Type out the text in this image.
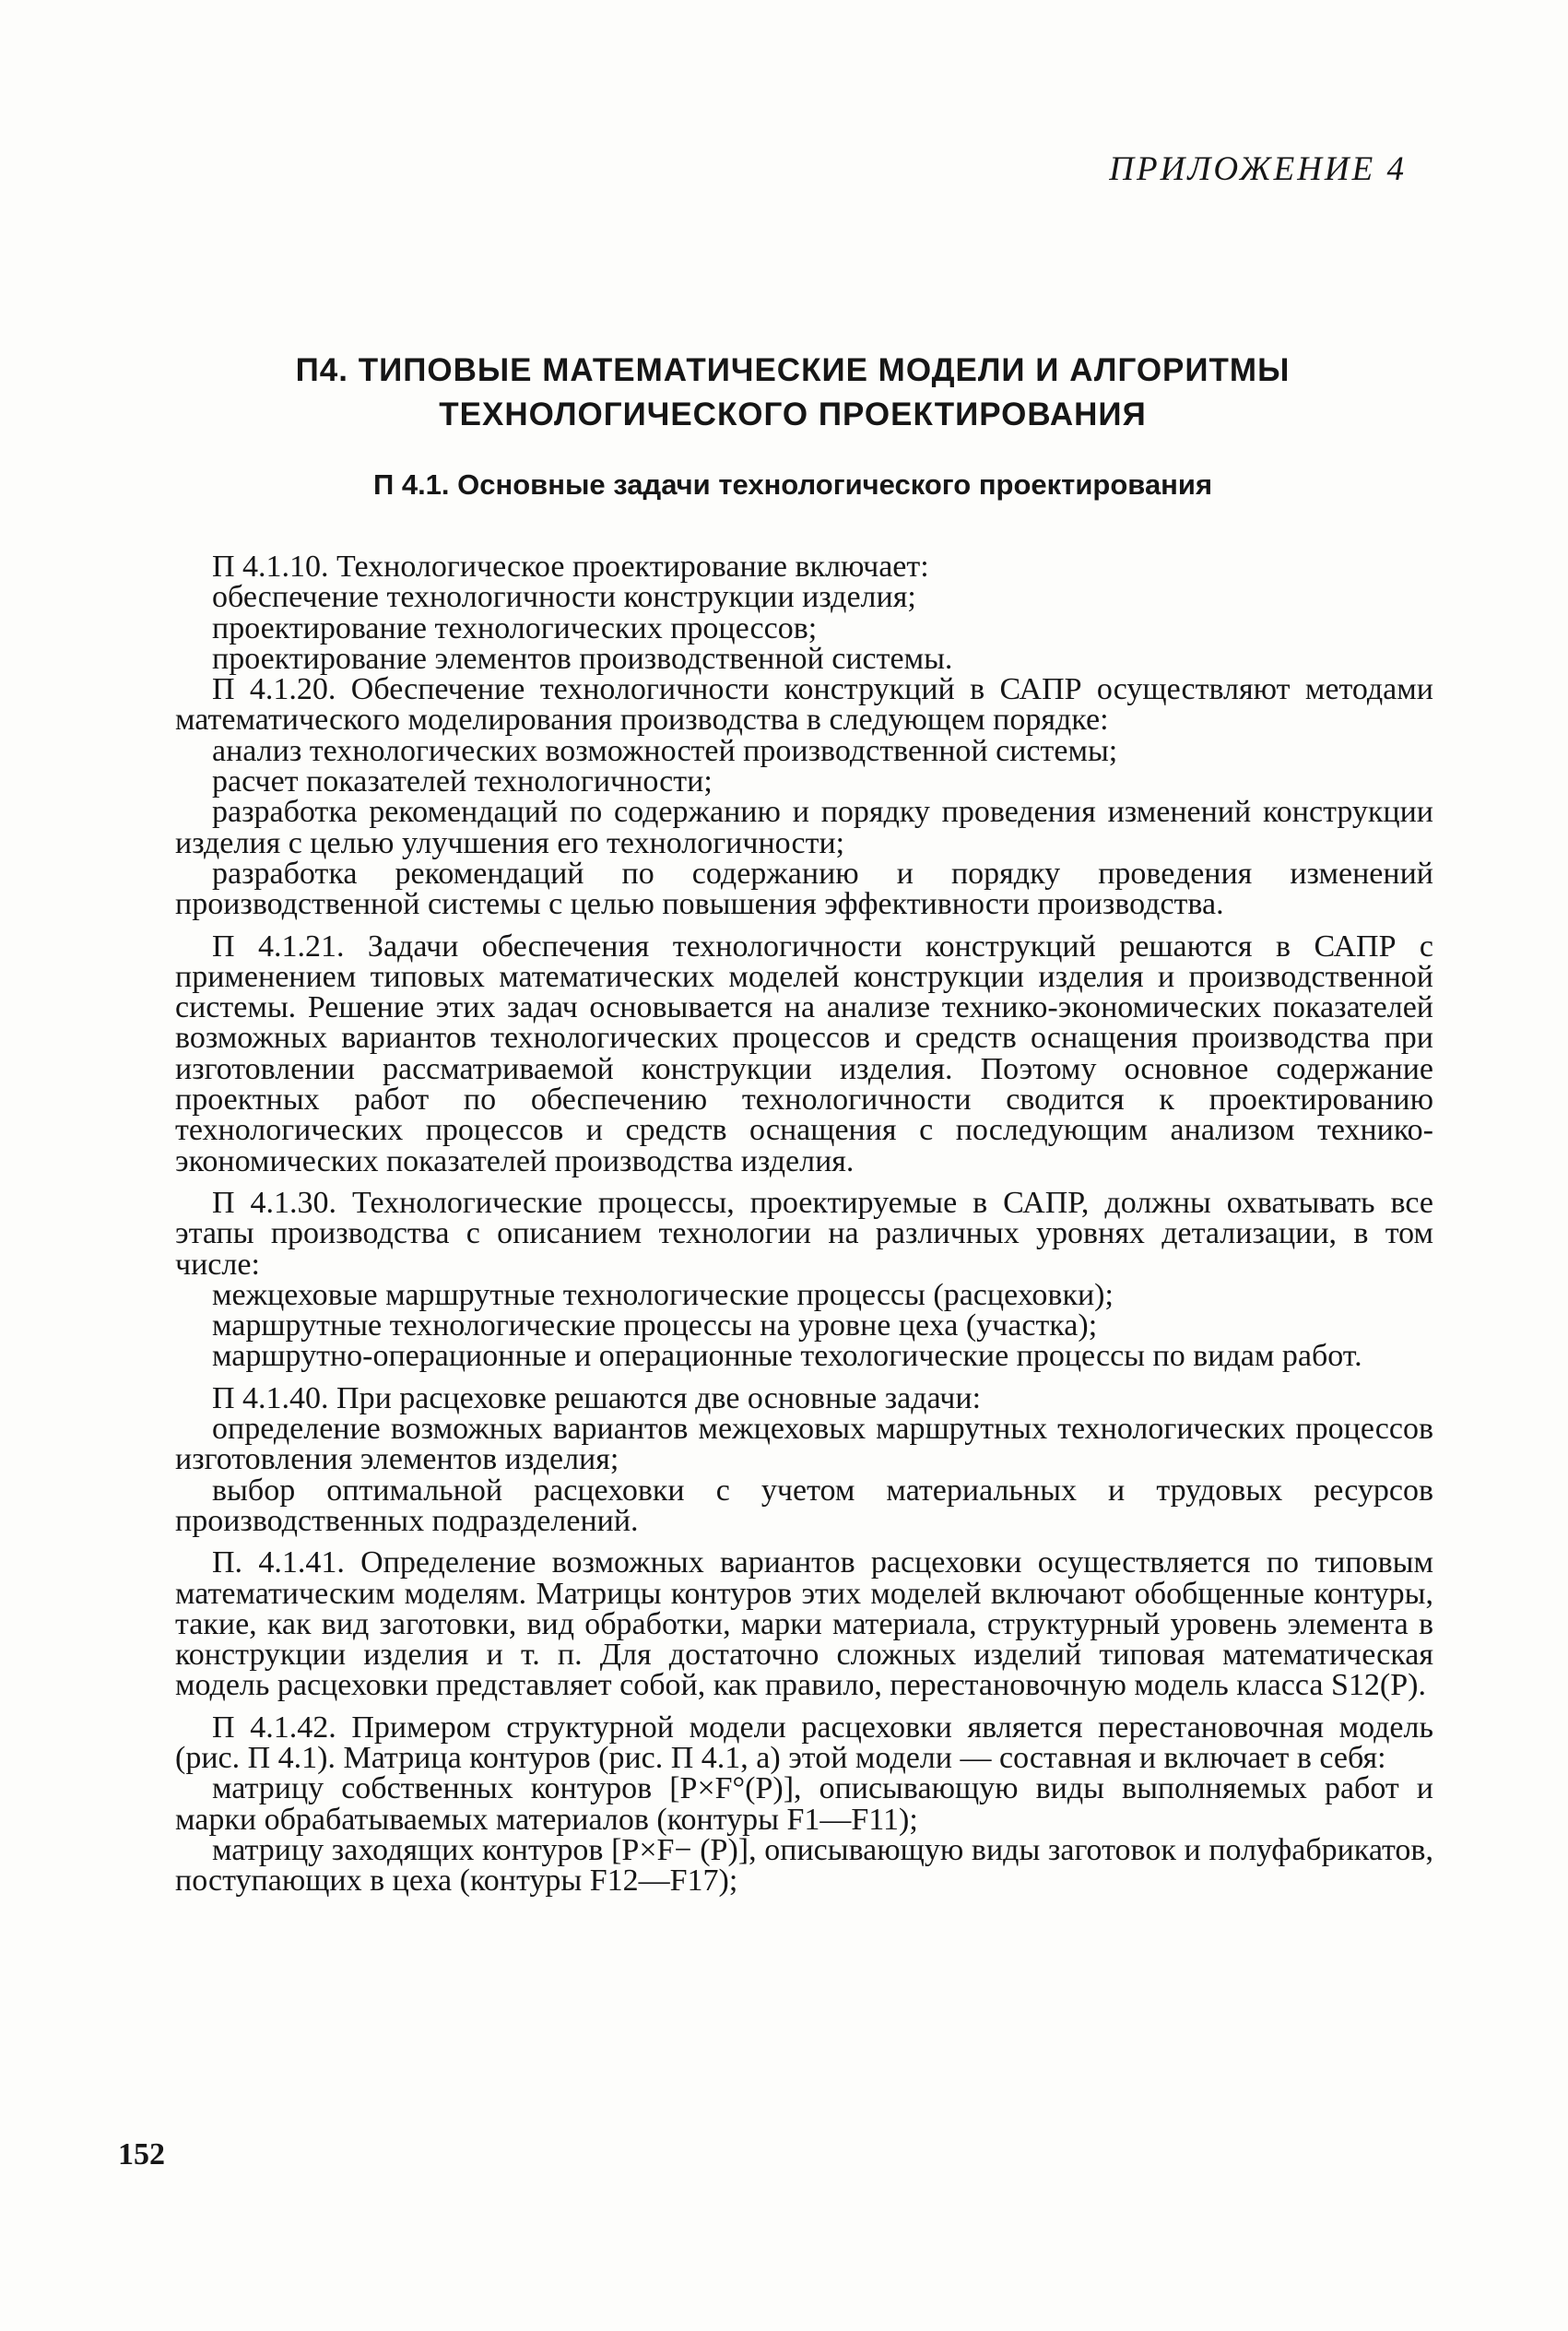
ПРИЛОЖЕНИЕ 4
П4. ТИПОВЫЕ МАТЕМАТИЧЕСКИЕ МОДЕЛИ И АЛГОРИТМЫ
ТЕХНОЛОГИЧЕСКОГО ПРОЕКТИРОВАНИЯ
П 4.1. Основные задачи технологического проектирования

П 4.1.10. Технологическое проектирование включает:

обеспечение технологичности конструкции изделия;

проектирование технологических процессов;

проектирование элементов производственной системы.

П 4.1.20. Обеспечение технологичности конструкций в САПР осуществляют методами математического моделирования производства в следующем порядке:

анализ технологических возможностей производственной системы;

расчет показателей технологичности;

разработка рекомендаций по содержанию и порядку проведения изменений конструкции изделия с целью улучшения его технологичности;

разработка рекомендаций по содержанию и порядку проведения изменений производственной системы с целью повышения эффективности производства.

П 4.1.21. Задачи обеспечения технологичности конструкций решаются в САПР с применением типовых математических моделей конструкции изделия и производственной системы. Решение этих задач основывается на анализе технико-экономических показателей возможных вариантов технологических процессов и средств оснащения производства при изготовлении рассматриваемой конструкции изделия. Поэтому основное содержание проектных работ по обеспечению технологичности сводится к проектированию технологических процессов и средств оснащения с последующим анализом технико-экономических показателей производства изделия.

П 4.1.30. Технологические процессы, проектируемые в САПР, должны охватывать все этапы производства с описанием технологии на различных уровнях детализации, в том числе:

межцеховые маршрутные технологические процессы (расцеховки);

маршрутные технологические процессы на уровне цеха (участка);

маршрутно-операционные и операционные техологические процессы по видам работ.

П 4.1.40. При расцеховке решаются две основные задачи:

определение возможных вариантов межцеховых маршрутных технологических процессов изготовления элементов изделия;

выбор оптимальной расцеховки с учетом материальных и трудовых ресурсов производственных подразделений.

П. 4.1.41. Определение возможных вариантов расцеховки осуществляется по типовым математическим моделям. Матрицы контуров этих моделей включают обобщенные контуры, такие, как вид заготовки, вид обработки, марки материала, структурный уровень элемента в конструкции изделия и т. п. Для достаточно сложных изделий типовая математическая модель расцеховки представляет собой, как правило, перестановочную модель класса S12(P).

П 4.1.42. Примером структурной модели расцеховки является перестановочная модель (рис. П 4.1). Матрица контуров (рис. П 4.1, а) этой модели — составная и включает в себя:

матрицу собственных контуров [P×F°(P)], описывающую виды выполняемых работ и марки обрабатываемых материалов (контуры F1—F11);

матрицу заходящих контуров [P×F− (P)], описывающую виды заготовок и полуфабрикатов, поступающих в цеха (контуры F12—F17);

152
